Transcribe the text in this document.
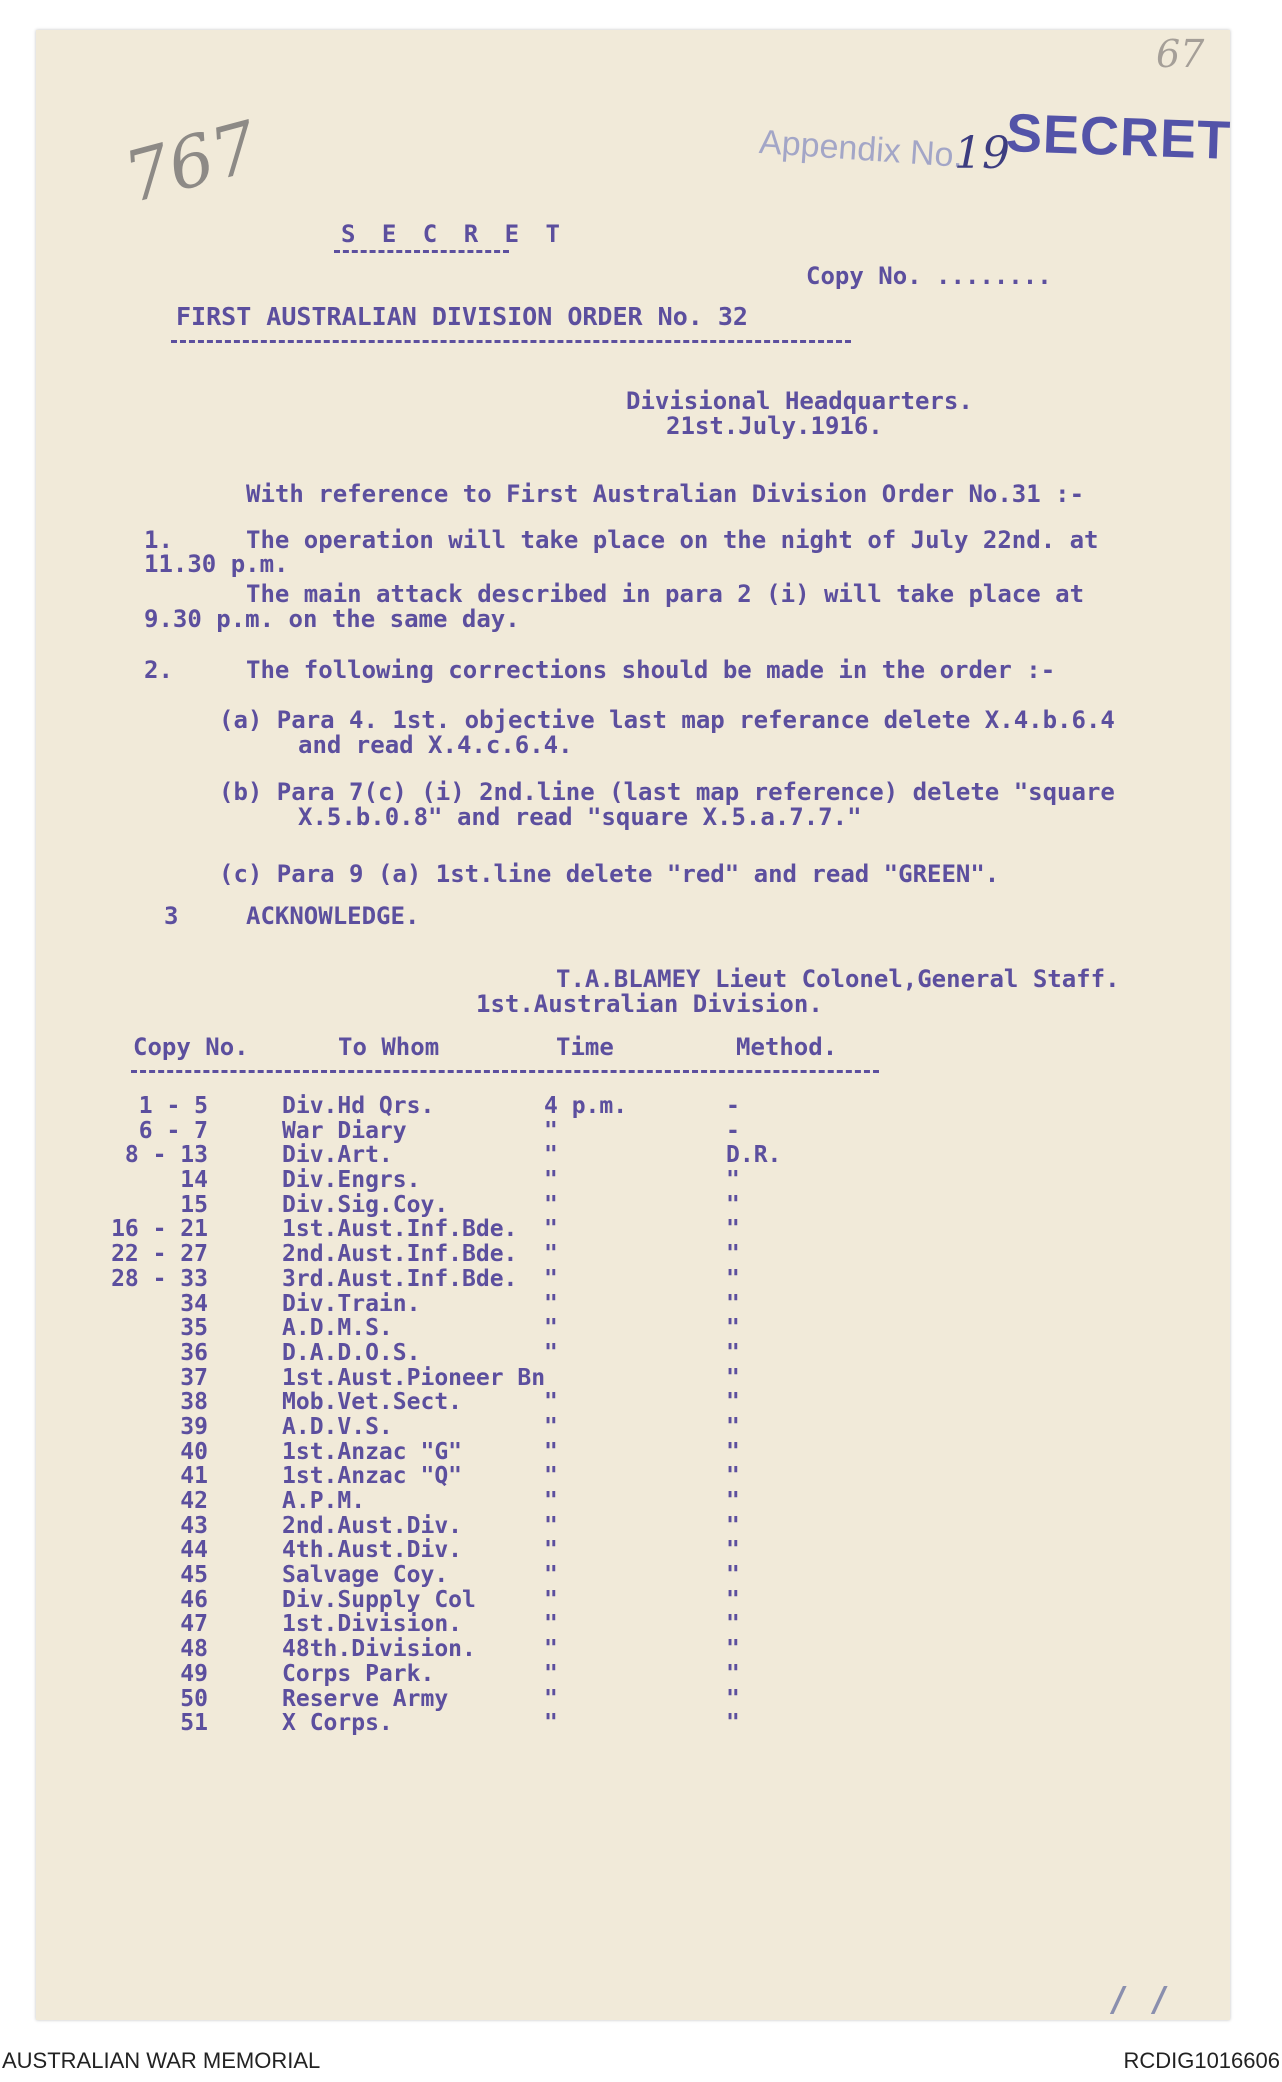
67
767	Appendix No.
19
SECRET
S E C R E T
Copy No. ........
FIRST AUSTRALIAN DIVISION ORDER No. 32
Divisional Headquarters.
21st.July.1916.
With reference to First Australian Division Order No.31 :-
1.	The operation will take place on the night of July 22nd. at
11.30 p.m.
The main attack described in para 2 (i) will take place at
9.30 p.m. on the same day.
2.	The following corrections should be made in the order :-
(a) Para 4. 1st. objective last map referance delete X.4.b.6.4
and read X.4.c.6.4.
(b) Para 7(c) (i) 2nd.line (last map reference) delete "square
X.5.b.0.8" and read "square X.5.a.7.7."
(c) Para 9 (a) 1st.line delete "red" and read "GREEN".
3	ACKNOWLEDGE.
T.A.BLAMEY Lieut Colonel,General Staff.
1st.Australian Division.
Copy No.	To Whom	Time	Method.
1 - 5	Div.Hd Qrs.	4 p.m.	-
6 - 7	War Diary	"	-
8 - 13	Div.Art.	"	D.R.
14	Div.Engrs.	"	"
15	Div.Sig.Coy.	"	"
16 - 21	1st.Aust.Inf.Bde. "	"
22 - 27	2nd.Aust.Inf.Bde. "	"
28 - 33	3rd.Aust.Inf.Bde. "	"
34	Div.Train.	"	"
35	A.D.M.S.	"	"
36	D.A.D.O.S.	"	"
37	1st.Aust.Pioneer Bn	"
38	Mob.Vet.Sect.	"	"
39	A.D.V.S.	"	"
40	1st.Anzac "G"	"	"
41	1st.Anzac "Q"	"	"
42	A.P.M.	"	"
43	2nd.Aust.Div.	"	"
44	4th.Aust.Div.	"	"
45	Salvage Coy.	"	"
46	Div.Supply Col	"	"
47	1st.Division.	"	"
48	48th.Division.	"	"
49	Corps Park.	"	"
50	Reserve Army	"	"
51	X Corps.	"	"
/ /
AUSTRALIAN WAR MEMORIAL	RCDIG1016606
